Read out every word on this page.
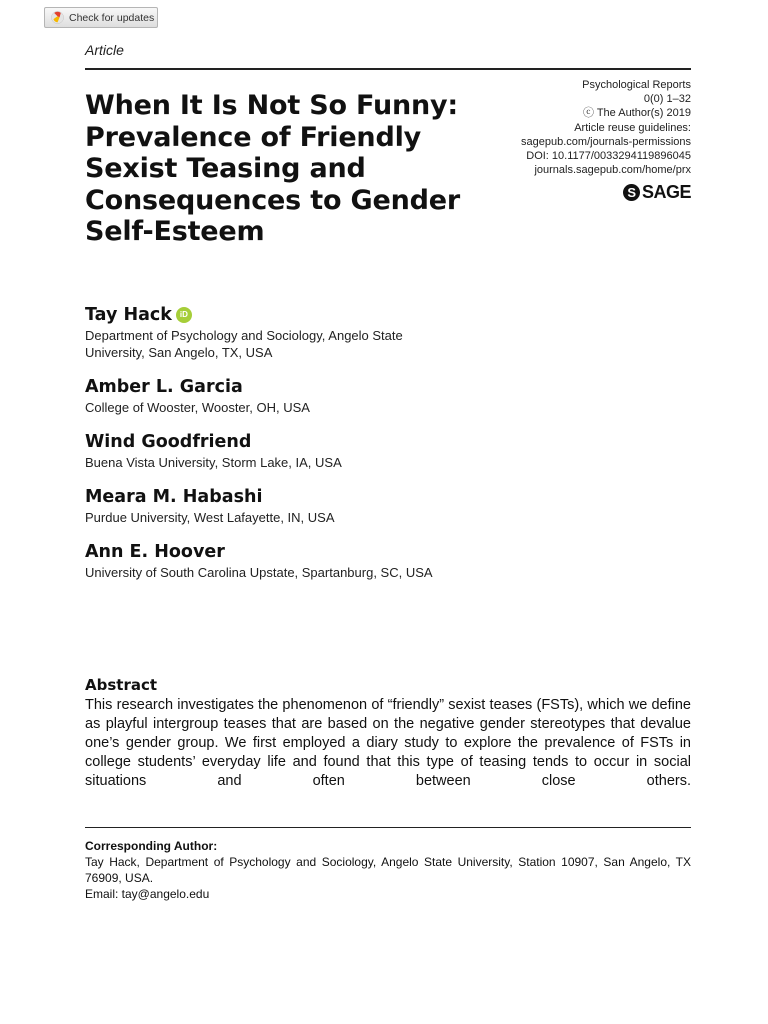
Check for updates
Article
When It Is Not So Funny: Prevalence of Friendly Sexist Teasing and Consequences to Gender Self-Esteem
Psychological Reports
0(0) 1–32
ⓒ The Author(s) 2019
Article reuse guidelines:
sagepub.com/journals-permissions
DOI: 10.1177/0033294119896045
journals.sagepub.com/home/prx
S SAGE
Tay Hack	iD
Department of Psychology and Sociology, Angelo State University, San Angelo, TX, USA
Amber L. Garcia
College of Wooster, Wooster, OH, USA
Wind Goodfriend
Buena Vista University, Storm Lake, IA, USA
Meara M. Habashi
Purdue University, West Lafayette, IN, USA
Ann E. Hoover
University of South Carolina Upstate, Spartanburg, SC, USA
Abstract
This research investigates the phenomenon of “friendly” sexist teases (FSTs), which we define as playful intergroup teases that are based on the negative gender stereotypes that devalue one’s gender group. We first employed a diary study to explore the prevalence of FSTs in college students’ everyday life and found that this type of teasing tends to occur in social situations and often between close others.
Corresponding Author:
Tay Hack, Department of Psychology and Sociology, Angelo State University, Station 10907, San Angelo, TX 76909, USA.
Email: tay@angelo.edu
